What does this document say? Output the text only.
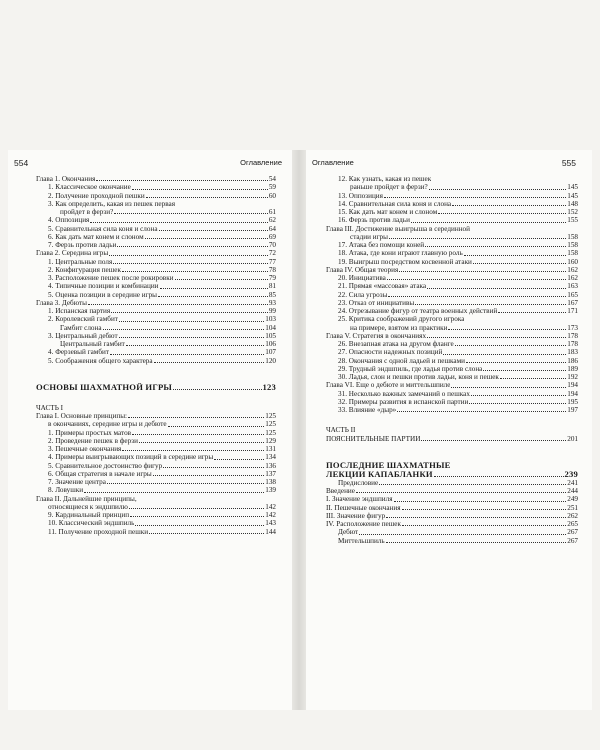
554	Оглавление
Глава 1. Окончания	54
1. Классическое окончание	59
2. Получение проходной пешки	60
3. Как определить, какая из пешек первая
пройдет в ферзи?	61
4. Оппозиция	62
5. Сравнительная сила коня и слона	64
6. Как дать мат конем и слоном	69
7. Ферзь против ладьи	70
Глава 2. Середина игры	72
1. Центральные поля	77
2. Конфигурация пешек	78
3. Расположение пешек после рокировки	79
4. Типичные позиции и комбинации	81
5. Оценка позиции в середине игры	85
Глава 3. Дебюты	93
1. Испанская партия	99
2. Королевский гамбит	103
Гамбит слона	104
3. Центральный дебют	105
Центральный гамбит	106
4. Ферзевый гамбит	107
5. Соображения общего характера	120
ОСНОВЫ ШАХМАТНОЙ ИГРЫ	123
ЧАСТЬ I
Глава I. Основные принципы:	125
в окончаниях, середине игры и дебюте	125
1. Примеры простых матов	125
2. Проведение пешек в ферзи	129
3. Пешечные окончания	131
4. Примеры выигрывающих позиций в середине игры	134
5. Сравнительное достоинство фигур	136
6. Общая стратегия в начале игры	137
7. Значение центра	138
8. Ловушки	139
Глава II. Дальнейшие принципы,
относящиеся к эндшпилю	142
9. Кардинальный принцип	142
10. Классический эндшпиль	143
11. Получение проходной пешки	144
Оглавление	555
12. Как узнать, какая из пешек
раньше пройдет в ферзи?	145
13. Оппозиция	145
14. Сравнительная сила коня и слона	148
15. Как дать мат конем и слоном	152
16. Ферзь против ладьи	155
Глава III. Достижение выигрыша в серединной
стадии игры	158
17. Атака без помощи коней	158
18. Атака, где кони играют главную роль	158
19. Выигрыш посредством косвенной атаки	160
Глава IV. Общая теория	162
20. Инициатива	162
21. Прямая «массовая» атака	163
22. Сила угрозы	165
23. Отказ от инициативы	167
24. Отрезывание фигур от театра военных действий	171
25. Критика соображений другого игрока
на примере, взятом из практики	173
Глава V. Стратегия в окончаниях	178
26. Внезапная атака на другом фланге	178
27. Опасности надежных позиций	183
28. Окончания с одной ладьей и пешками	186
29. Трудный эндшпиль, где ладья против слона	189
30. Ладья, слон и пешки против ладьи, коня и пешек	192
Глава VI. Еще о дебюте и миттельшпиле	194
31. Несколько важных замечаний о пешках	194
32. Примеры развития в испанской партии	195
33. Влияние «дыр»	197
ЧАСТЬ II
ПОЯСНИТЕЛЬНЫЕ ПАРТИИ	201
ПОСЛЕДНИЕ ШАХМАТНЫЕ
ЛЕКЦИИ КАПАБЛАНКИ	239
Предисловие	241
Введение	244
I. Значение эндшпиля	249
II. Пешечные окончания	251
III. Значение фигур	262
IV. Расположение пешек	265
Дебют	267
Миттельшпиль	267
